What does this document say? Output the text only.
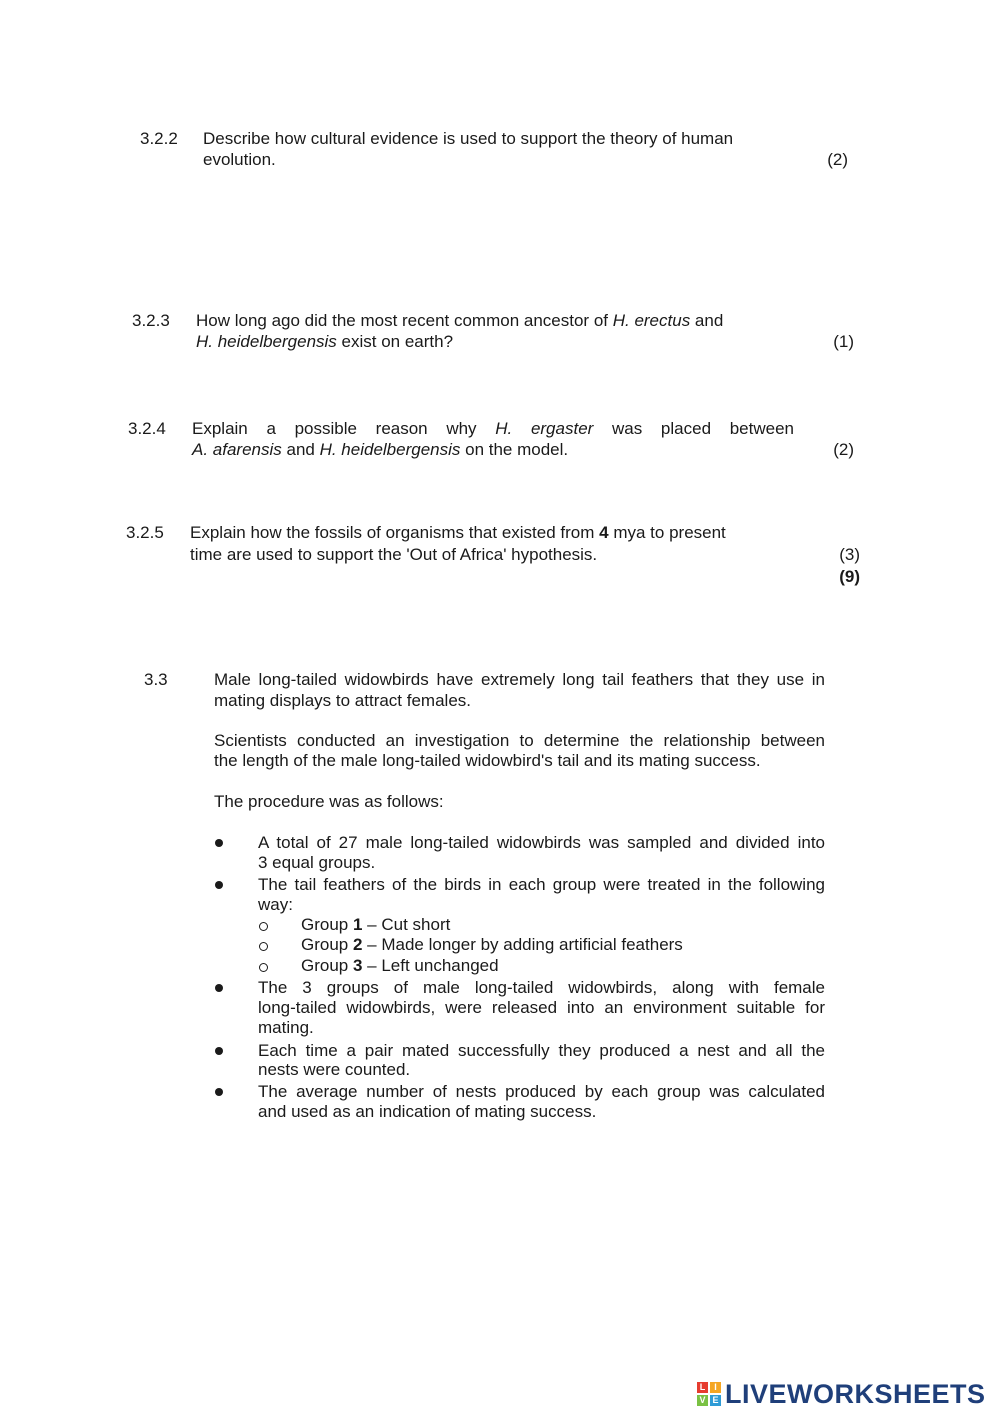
3.2.2 Describe how cultural evidence is used to support the theory of human
evolution.	(2)
3.2.3 How long ago did the most recent common ancestor of H. erectus and
H. heidelbergensis exist on earth?	(1)
3.2.4 Explain a possible reason why H. ergaster was placed between
A. afarensis and H. heidelbergensis on the model.	(2)
3.2.5 Explain how the fossils of organisms that existed from 4 mya to present
time are used to support the 'Out of Africa' hypothesis.	(3)
(9)
3.3	Male long-tailed widowbirds have extremely long tail feathers that they use in
mating displays to attract females.
Scientists conducted an investigation to determine the relationship between
the length of the male long-tailed widowbird's tail and its mating success.
The procedure was as follows:
A total of 27 male long-tailed widowbirds was sampled and divided into
3 equal groups.
The tail feathers of the birds in each group were treated in the following
way:
Group 1 – Cut short
Group 2 – Made longer by adding artificial feathers
Group 3 – Left unchanged
The 3 groups of male long-tailed widowbirds, along with female
long-tailed widowbirds, were released into an environment suitable for
mating.
Each time a pair mated successfully they produced a nest and all the
nests were counted.
The average number of nests produced by each group was calculated
and used as an indication of mating success.
L I
V E LIVEWORKSHEETS
